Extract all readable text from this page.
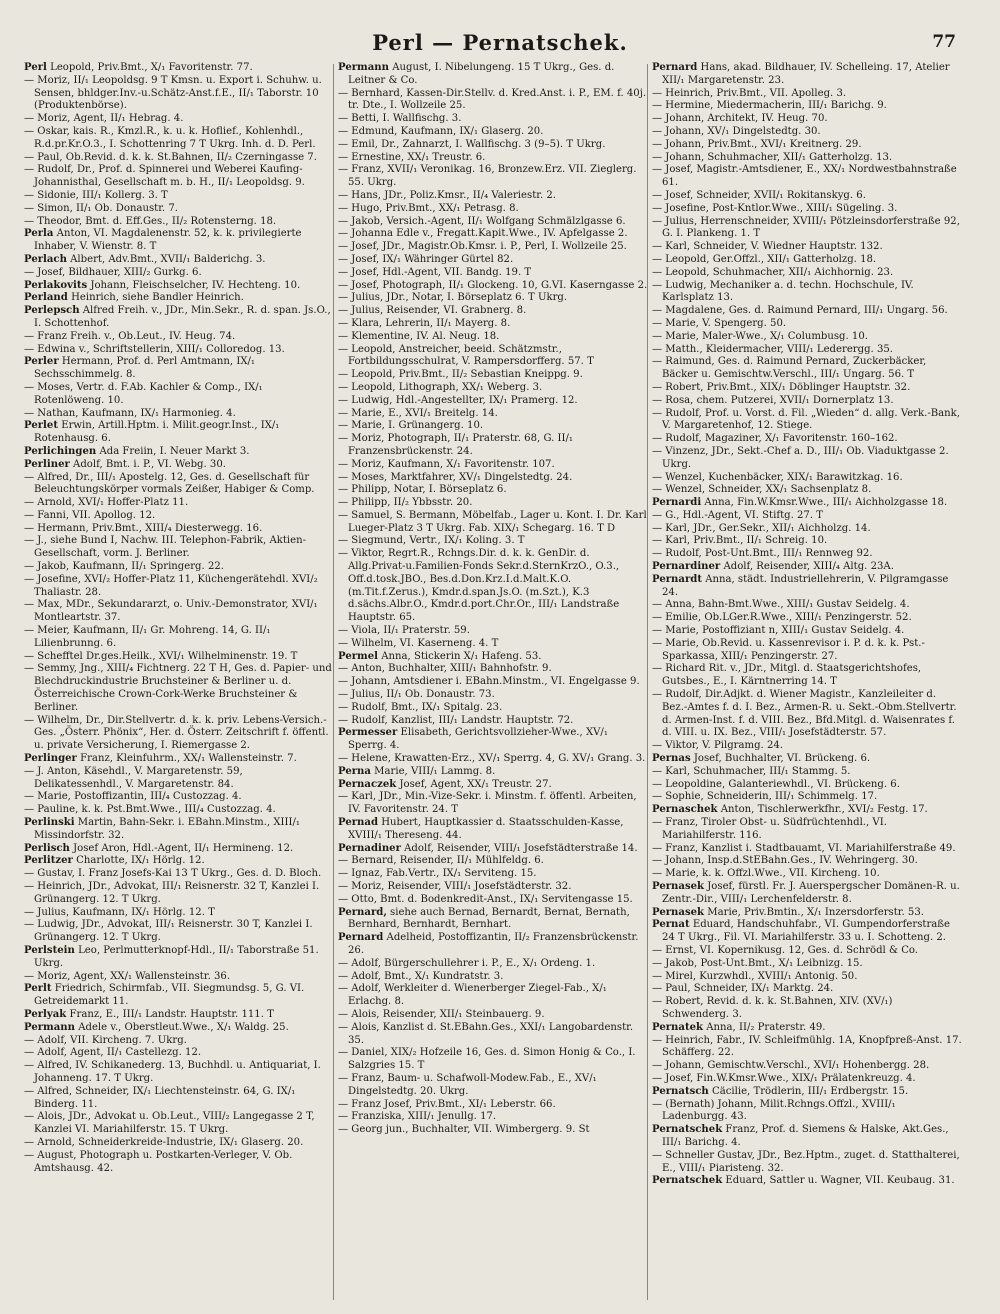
Perl — Pernatschek.	77
Perl Leopold, Priv.Bmt., X/₁ Favoritenstr. 77.
— Moriz, II/₁ Leopoldsg. 9 T Kmsn. u. Export i. Schuhw. u. Sensen, bhldger.Inv.-u.Schätz-Anst.f.E., II/₁ Taborstr. 10 (Produktenbörse).
— Moriz, Agent, II/₁ Hebrag. 4.
— Oskar, kais. R., Kmzl.R., k. u. k. Hoflief., Kohlenhdl., R.d.pr.Kr.O.3., I. Schottenring 7 T Ukrg. Inh. d. D. Perl.
— Paul, Ob.Revid. d. k. k. St.Bahnen, II/₂ Czerningasse 7.
— Rudolf, Dr., Prof. d. Spinnerei und Weberei Kaufing-Johannisthal, Gesellschaft m. b. H., II/₁ Leopoldsg. 9.
— Sidonie, III/₁ Kollerg. 3. T
— Simon, II/₁ Ob. Donaustr. 7.
— Theodor, Bmt. d. Eff.Ges., II/₂ Rotensterng. 18.
Perla Anton, VI. Magdalenenstr. 52, k. k. privilegierte Inhaber, V. Wienstr. 8. T
Perlach Albert, Adv.Bmt., XVII/₁ Balderichg. 3.
— Josef, Bildhauer, XIII/₂ Gurkg. 6.
Perlakovits Johann, Fleischselcher, IV. Hechteng. 10.
Perland Heinrich, siehe Bandler Heinrich.
Perlepsch Alfred Freih. v., JDr., Min.Sekr., R. d. span. Js.O., I. Schottenhof.
— Franz Freih. v., Ob.Leut., IV. Heug. 74.
— Edwina v., Schriftstellerin, XIII/₁ Colloredog. 13.
Perler Hermann, Prof. d. Perl Amtmann, IX/₁ Sechsschimmelg. 8.
— Moses, Vertr. d. F.Ab. Kachler & Comp., IX/₁ Rotenlöweng. 10.
— Nathan, Kaufmann, IX/₁ Harmonieg. 4.
Perlet Erwin, Artill.Hptm. i. Milit.geogr.Inst., IX/₁ Rotenhausg. 6.
Perlichingen Ada Freiin, I. Neuer Markt 3.
Perliner Adolf, Bmt. i. P., VI. Webg. 30.
— Alfred, Dr., III/₁ Apostelg. 12, Ges. d. Gesellschaft für Beleuchtungskörper vormals Zeißer, Habiger & Comp.
— Arnold, XVI/₁ Hoffer-Platz 11.
— Fanni, VII. Apollog. 12.
— Hermann, Priv.Bmt., XIII/₄ Diesterwegg. 16.
— J., siehe Bund I, Nachw. III. Telephon-Fabrik, Aktien-Gesellschaft, vorm. J. Berliner.
— Jakob, Kaufmann, II/₁ Springerg. 22.
— Josefine, XVI/₂ Hoffer-Platz 11, Küchengerätehdl. XVI/₂ Thaliastr. 28.
— Max, MDr., Sekundararzt, o. Univ.-Demonstrator, XVI/₁ Montleartstr. 37.
— Meier, Kaufmann, II/₁ Gr. Mohreng. 14, G. II/₁ Lilienbrunng. 6.
— Schefftel Dr.ges.Heilk., XVI/₁ Wilhelminenstr. 19. T
— Semmy, Jng., XIII/₄ Fichtnerg. 22 T H, Ges. d. Papier- und Blechdruckindustrie Bruchsteiner & Berliner u. d. Österreichische Crown-Cork-Werke Bruchsteiner & Berliner.
— Wilhelm, Dr., Dir.Stellvertr. d. k. k. priv. Lebens-Versich.-Ges. „Österr. Phönix“, Her. d. Österr. Zeitschrift f. öffentl. u. private Versicherung, I. Riemergasse 2.
Perlinger Franz, Kleinfuhrm., XX/₁ Wallensteinstr. 7.
— J. Anton, Käsehdl., V. Margaretenstr. 59, Delikatessenhdl., V. Margaretenstr. 84.
— Marie, Postoffizantin, III/₄ Custozzag. 4.
— Pauline, k. k. Pst.Bmt.Wwe., III/₄ Custozzag. 4.
Perlinski Martin, Bahn-Sekr. i. EBahn.Minstm., XIII/₁ Missindorfstr. 32.
Perlisch Josef Aron, Hdl.-Agent, II/₁ Hermineng. 12.
Perlitzer Charlotte, IX/₁ Hörlg. 12.
— Gustav, I. Franz Josefs-Kai 13 T Ukrg., Ges. d. D. Bloch.
— Heinrich, JDr., Advokat, III/₁ Reisnerstr. 32 T, Kanzlei I. Grünangerg. 12. T Ukrg.
— Julius, Kaufmann, IX/₁ Hörlg. 12. T
— Ludwig, JDr., Advokat, III/₁ Reisnerstr. 30 T, Kanzlei I. Grünangerg. 12. T Ukrg.
Perlstein Leo, Perlmutterknopf-Hdl., II/₁ Taborstraße 51. Ukrg.
— Moriz, Agent, XX/₁ Wallensteinstr. 36.
Perlt Friedrich, Schirmfab., VII. Siegmundsg. 5, G. VI. Getreidemarkt 11.
Perlyak Franz, E., III/₁ Landstr. Hauptstr. 111. T
Permann Adele v., Oberstleut.Wwe., X/₁ Waldg. 25.
— Adolf, VII. Kircheng. 7. Ukrg.
— Adolf, Agent, II/₁ Castellezg. 12.
— Alfred, IV. Schikanederg. 13, Buchhdl. u. Antiquariat, I. Johanneng. 17. T Ukrg.
— Alfred, Schneider, IX/₁ Liechtensteinstr. 64, G. IX/₁ Binderg. 11.
— Alois, JDr., Advokat u. Ob.Leut., VIII/₂ Langegasse 2 T, Kanzlei VI. Mariahilferstr. 15. T Ukrg.
— Arnold, Schneiderkreide-Industrie, IX/₁ Glaserg. 20.
— August, Photograph u. Postkarten-Verleger, V. Ob. Amtshausg. 42.
Permann August, I. Nibelungeng. 15 T Ukrg., Ges. d. Leitner & Co.
— Bernhard, Kassen-Dir.Stellv. d. Kred.Anst. i. P., EM. f. 40j. tr. Dte., I. Wollzeile 25.
— Betti, I. Wallfischg. 3.
— Edmund, Kaufmann, IX/₁ Glaserg. 20.
— Emil, Dr., Zahnarzt, I. Wallfischg. 3 (9–5). T Ukrg.
— Ernestine, XX/₁ Treustr. 6.
— Franz, XVII/₁ Veronikag. 16, Bronzew.Erz. VII. Zieglerg. 55. Ukrg.
— Hans, JDr., Poliz.Kmsr., II/₄ Valeriestr. 2.
— Hugo, Priv.Bmt., XX/₁ Petrasg. 8.
— Jakob, Versich.-Agent, II/₁ Wolfgang Schmälzlgasse 6.
— Johanna Edle v., Fregatt.Kapit.Wwe., IV. Apfelgasse 2.
— Josef, JDr., Magistr.Ob.Kmsr. i. P., Perl, I. Wollzeile 25.
— Josef, IX/₁ Währinger Gürtel 82.
— Josef, Hdl.-Agent, VII. Bandg. 19. T
— Josef, Photograph, II/₁ Glockeng. 10, G.VI. Kaserngasse 2.
— Julius, JDr., Notar, I. Börseplatz 6. T Ukrg.
— Julius, Reisender, VI. Grabnerg. 8.
— Klara, Lehrerin, II/₁ Mayerg. 8.
— Klementine, IV. Al. Neug. 18.
— Leopold, Anstreicher, beeid. Schätzmstr., Fortbildungsschulrat, V. Rampersdorfferg. 57. T
— Leopold, Priv.Bmt., II/₂ Sebastian Kneippg. 9.
— Leopold, Lithograph, XX/₁ Weberg. 3.
— Ludwig, Hdl.-Angestellter, IX/₁ Pramerg. 12.
— Marie, E., XVI/₁ Breitelg. 14.
— Marie, I. Grünangerg. 10.
— Moriz, Photograph, II/₁ Praterstr. 68, G. II/₁ Franzensbrückenstr. 24.
— Moriz, Kaufmann, X/₁ Favoritenstr. 107.
— Moses, Marktfahrer, XV/₁ Dingelstedtg. 24.
— Philipp, Notar, I. Börseplatz 6.
— Philipp, II/₂ Ybbsstr. 20.
— Samuel, S. Bermann, Möbelfab., Lager u. Kont. I. Dr. Karl Lueger-Platz 3 T Ukrg. Fab. XIX/₁ Schegarg. 16. T D
— Siegmund, Vertr., IX/₁ Koling. 3. T
— Viktor, Regrt.R., Rchngs.Dir. d. k. k. GenDir. d. Allg.Privat-u.Familien-Fonds Sekr.d.SternKrzO., O.3., Off.d.tosk.JBO., Bes.d.Don.Krz.I.d.Malt.K.O. (m.Tit.f.Zerus.), Kmdr.d.span.Js.O. (m.Szt.), K.3 d.sächs.Albr.O., Kmdr.d.port.Chr.Or., III/₁ Landstraße Hauptstr. 65.
— Viola, II/₁ Praterstr. 59.
— Wilhelm, VI. Kaserneng. 4. T
Permel Anna, Stickerin X/₁ Hafeng. 53.
— Anton, Buchhalter, XIII/₁ Bahnhofstr. 9.
— Johann, Amtsdiener i. EBahn.Minstm., VI. Engelgasse 9.
— Julius, II/₁ Ob. Donaustr. 73.
— Rudolf, Bmt., IX/₁ Spitalg. 23.
— Rudolf, Kanzlist, III/₁ Landstr. Hauptstr. 72.
Permesser Elisabeth, Gerichtsvollzieher-Wwe., XV/₁ Sperrg. 4.
— Helene, Krawatten-Erz., XV/₁ Sperrg. 4, G. XV/₁ Grang. 3.
Perna Marie, VIII/₁ Lammg. 8.
Pernaczek Josef, Agent, XX/₁ Treustr. 27.
— Karl, JDr., Min.-Vize-Sekr. i. Minstm. f. öffentl. Arbeiten, IV. Favoritenstr. 24. T
Pernad Hubert, Hauptkassier d. Staatsschulden-Kasse, XVIII/₁ Thereseng. 44.
Pernadiner Adolf, Reisender, VIII/₁ Josefstädterstraße 14.
— Bernard, Reisender, II/₁ Mühlfeldg. 6.
— Ignaz, Fab.Vertr., IX/₁ Serviteng. 15.
— Moriz, Reisender, VIII/₁ Josefstädterstr. 32.
— Otto, Bmt. d. Bodenkredit-Anst., IX/₁ Servitengasse 15.
Pernard, siehe auch Bernad, Bernardt, Bernat, Bernath, Bernhard, Bernhardt, Bernhart.
Pernard Adelheid, Postoffizantin, II/₂ Franzensbrückenstr. 26.
— Adolf, Bürgerschullehrer i. P., E., X/₁ Ordeng. 1.
— Adolf, Bmt., X/₁ Kundratstr. 3.
— Adolf, Werkleiter d. Wienerberger Ziegel-Fab., X/₁ Erlachg. 8.
— Alois, Reisender, XII/₁ Steinbauerg. 9.
— Alois, Kanzlist d. St.EBahn.Ges., XXI/₁ Langobardenstr. 35.
— Daniel, XIX/₂ Hofzeile 16, Ges. d. Simon Honig & Co., I. Salzgries 15. T
— Franz, Baum- u. Schafwoll-Modew.Fab., E., XV/₁ Dingelstedtg. 20. Ukrg.
— Franz Josef, Priv.Bmt., XI/₁ Leberstr. 66.
— Franziska, XIII/₁ Jenullg. 17.
— Georg jun., Buchhalter, VII. Wimbergerg. 9. St
Pernard Hans, akad. Bildhauer, IV. Schelleing. 17, Atelier XII/₁ Margaretenstr. 23.
— Heinrich, Priv.Bmt., VII. Apolleg. 3.
— Hermine, Miedermacherin, III/₁ Barichg. 9.
— Johann, Architekt, IV. Heug. 70.
— Johann, XV/₁ Dingelstedtg. 30.
— Johann, Priv.Bmt., XVI/₁ Kreitnerg. 29.
— Johann, Schuhmacher, XII/₁ Gatterholzg. 13.
— Josef, Magistr.-Amtsdiener, E., XX/₁ Nordwestbahnstraße 61.
— Josef, Schneider, XVII/₁ Rokitanskyg. 6.
— Josefine, Post-Kntlor.Wwe., XIII/₁ Sügeling. 3.
— Julius, Herrenschneider, XVIII/₁ Pötzleinsdorferstraße 92, G. I. Plankeng. 1. T
— Karl, Schneider, V. Wiedner Hauptstr. 132.
— Leopold, Ger.Offzl., XII/₁ Gatterholzg. 18.
— Leopold, Schuhmacher, XII/₁ Aichhornig. 23.
— Ludwig, Mechaniker a. d. techn. Hochschule, IV. Karlsplatz 13.
— Magdalene, Ges. d. Raimund Pernard, III/₁ Ungarg. 56.
— Marie, V. Spengerg. 50.
— Marie, Maler-Wwe., X/₁ Columbusg. 10.
— Matth., Kleidermacher, VIII/₁ Lederergg. 35.
— Raimund, Ges. d. Raimund Pernard, Zuckerbäcker, Bäcker u. Gemischtw.Verschl., III/₁ Ungarg. 56. T
— Robert, Priv.Bmt., XIX/₁ Döblinger Hauptstr. 32.
— Rosa, chem. Putzerei, XVII/₁ Dornerplatz 13.
— Rudolf, Prof. u. Vorst. d. Fil. „Wieden“ d. allg. Verk.-Bank, V. Margaretenhof, 12. Stiege.
— Rudolf, Magaziner, X/₁ Favoritenstr. 160–162.
— Vinzenz, JDr., Sekt.-Chef a. D., III/₁ Ob. Viaduktgasse 2. Ukrg.
— Wenzel, Kuchenbäcker, XIX/₁ Barawitzkag. 16.
— Wenzel, Schneider, XX/₁ Sachsenplatz 8.
Pernardi Anna, Fin.W.Kmsr.Wwe., III/₁ Aichholzgasse 18.
— G., Hdl.-Agent, VI. Stiftg. 27. T
— Karl, JDr., Ger.Sekr., XII/₁ Aichholzg. 14.
— Karl, Priv.Bmt., II/₁ Schreig. 10.
— Rudolf, Post-Unt.Bmt., III/₁ Rennweg 92.
Pernardiner Adolf, Reisender, XIII/₄ Altg. 23A.
Pernardt Anna, städt. Industriellehrerin, V. Pilgramgasse 24.
— Anna, Bahn-Bmt.Wwe., XIII/₁ Gustav Seidelg. 4.
— Emilie, Ob.LGer.R.Wwe., XIII/₁ Penzingerstr. 52.
— Marie, Postoffiziant n, XIII/₁ Gustav Seidelg. 4.
— Marie, Ob.Revid. u. Kassenrevisor i. P. d. k. k. Pst.-Sparkassa, XIII/₁ Penzingerstr. 27.
— Richard Rit. v., JDr., Mitgl. d. Staatsgerichtshofes, Gutsbes., E., I. Kärntnerring 14. T
— Rudolf, Dir.Adjkt. d. Wiener Magistr., Kanzleileiter d. Bez.-Amtes f. d. I. Bez., Armen-R. u. Sekt.-Obm.Stellvertr. d. Armen-Inst. f. d. VIII. Bez., Bfd.Mitgl. d. Waisenrates f. d. VIII. u. IX. Bez., VIII/₁ Josefstädterstr. 57.
— Viktor, V. Pilgramg. 24.
Pernas Josef, Buchhalter, VI. Brückeng. 6.
— Karl, Schuhmacher, III/₁ Stammg. 5.
— Leopoldine, Galanteriewhdl., VI. Brückeng. 6.
— Sophie, Schneiderin, III/₁ Schimmelg. 17.
Pernaschek Anton, Tischlerwerkfhr., XVI/₂ Festg. 17.
— Franz, Tiroler Obst- u. Südfrüchtenhdl., VI. Mariahilferstr. 116.
— Franz, Kanzlist i. Stadtbauamt, VI. Mariahilferstraße 49.
— Johann, Insp.d.StEBahn.Ges., IV. Wehringerg. 30.
— Marie, k. k. Offzl.Wwe., VII. Kircheng. 10.
Pernasek Josef, fürstl. Fr. J. Auerspergscher Domänen-R. u. Zentr.-Dir., VIII/₁ Lerchenfelderstr. 8.
Pernasek Marie, Priv.Bmtin., X/₁ Inzersdorferstr. 53.
Pernat Eduard, Handschuhfabr., VI. Gumpendorferstraße 24 T Ukrg., Fil. VI. Mariahilferstr. 33 u. I. Schotteng. 2.
— Ernst, VI. Kopernikusg. 12, Ges. d. Schrödl & Co.
— Jakob, Post-Unt.Bmt., X/₁ Leibnizg. 15.
— Mirel, Kurzwhdl., XVIII/₁ Antonig. 50.
— Paul, Schneider, IX/₁ Marktg. 24.
— Robert, Revid. d. k. k. St.Bahnen, XIV. (XV/₁) Schwenderg. 3.
Pernatek Anna, II/₂ Praterstr. 49.
— Heinrich, Fabr., IV. Schleifmühlg. 1A, Knopfpreß-Anst. 17. Schäfferg. 22.
— Johann, Gemischtw.Verschl., XVI/₁ Hohenbergg. 28.
— Josef, Fin.W.Kmsr.Wwe., XIX/₁ Prälatenkreuzg. 4.
Pernatsch Cäcilie, Trödlerin, III/₁ Erdbergstr. 15.
— (Bernath) Johann, Milit.Rchngs.Offzl., XVIII/₁ Ladenburgg. 43.
Pernatschek Franz, Prof. d. Siemens & Halske, Akt.Ges., III/₁ Barichg. 4.
— Schneller Gustav, JDr., Bez.Hptm., zuget. d. Statthalterei, E., VIII/₁ Piaristeng. 32.
Pernatschek Eduard, Sattler u. Wagner, VII. Keubaug. 31.
